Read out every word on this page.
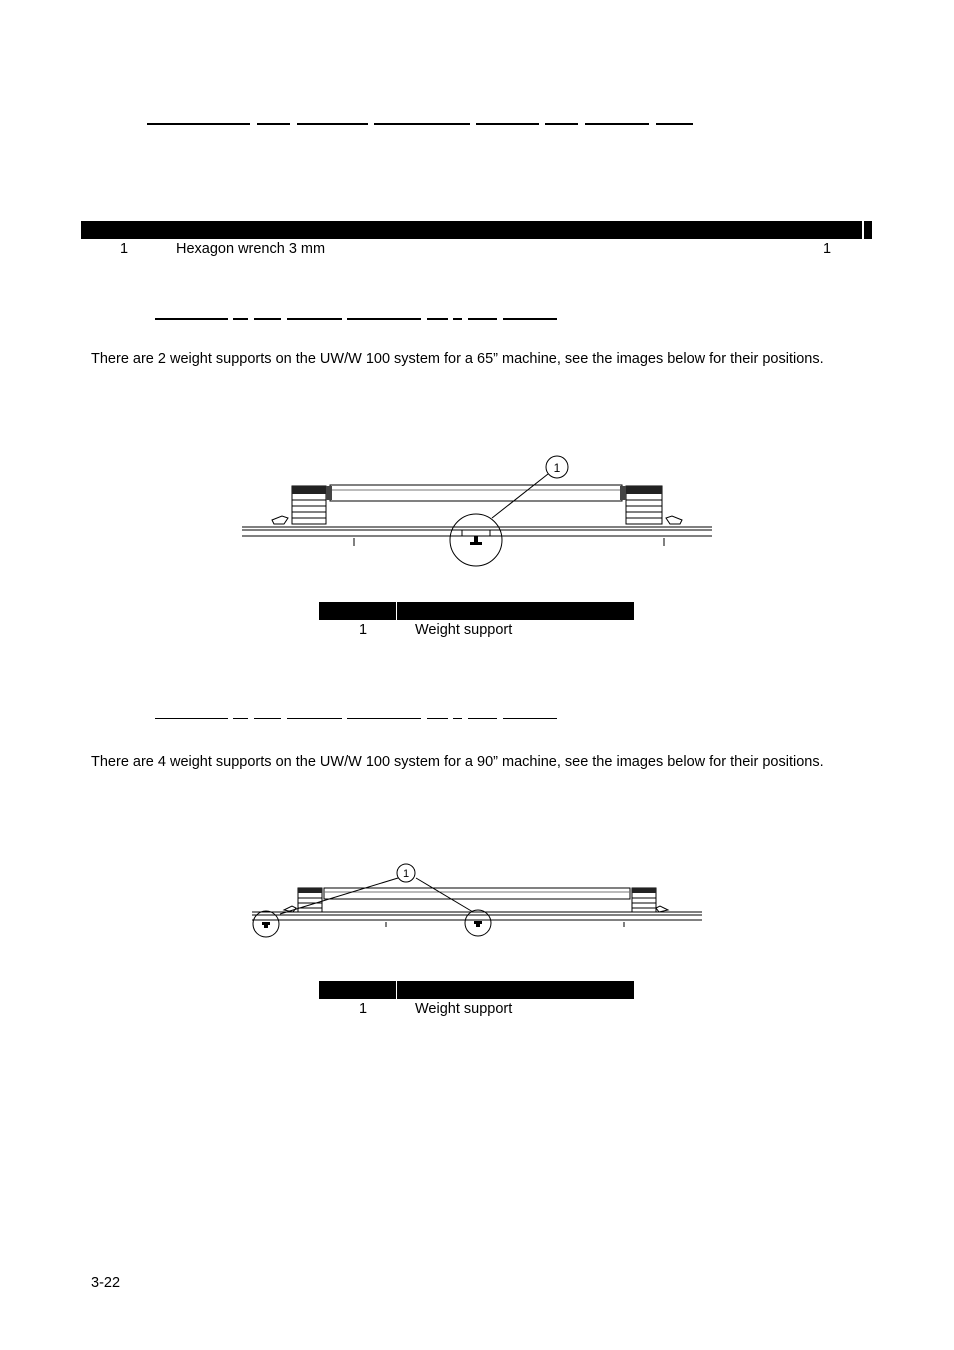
1	Hexagon wrench 3 mm	1

There are 2 weight supports on the UW/W 100 system for a 65” machine, see the images below for their positions.

1
1	Weight support

There are 4 weight supports on the UW/W 100 system for a 90” machine, see the images below for their positions.

1
1	Weight support
3-22
